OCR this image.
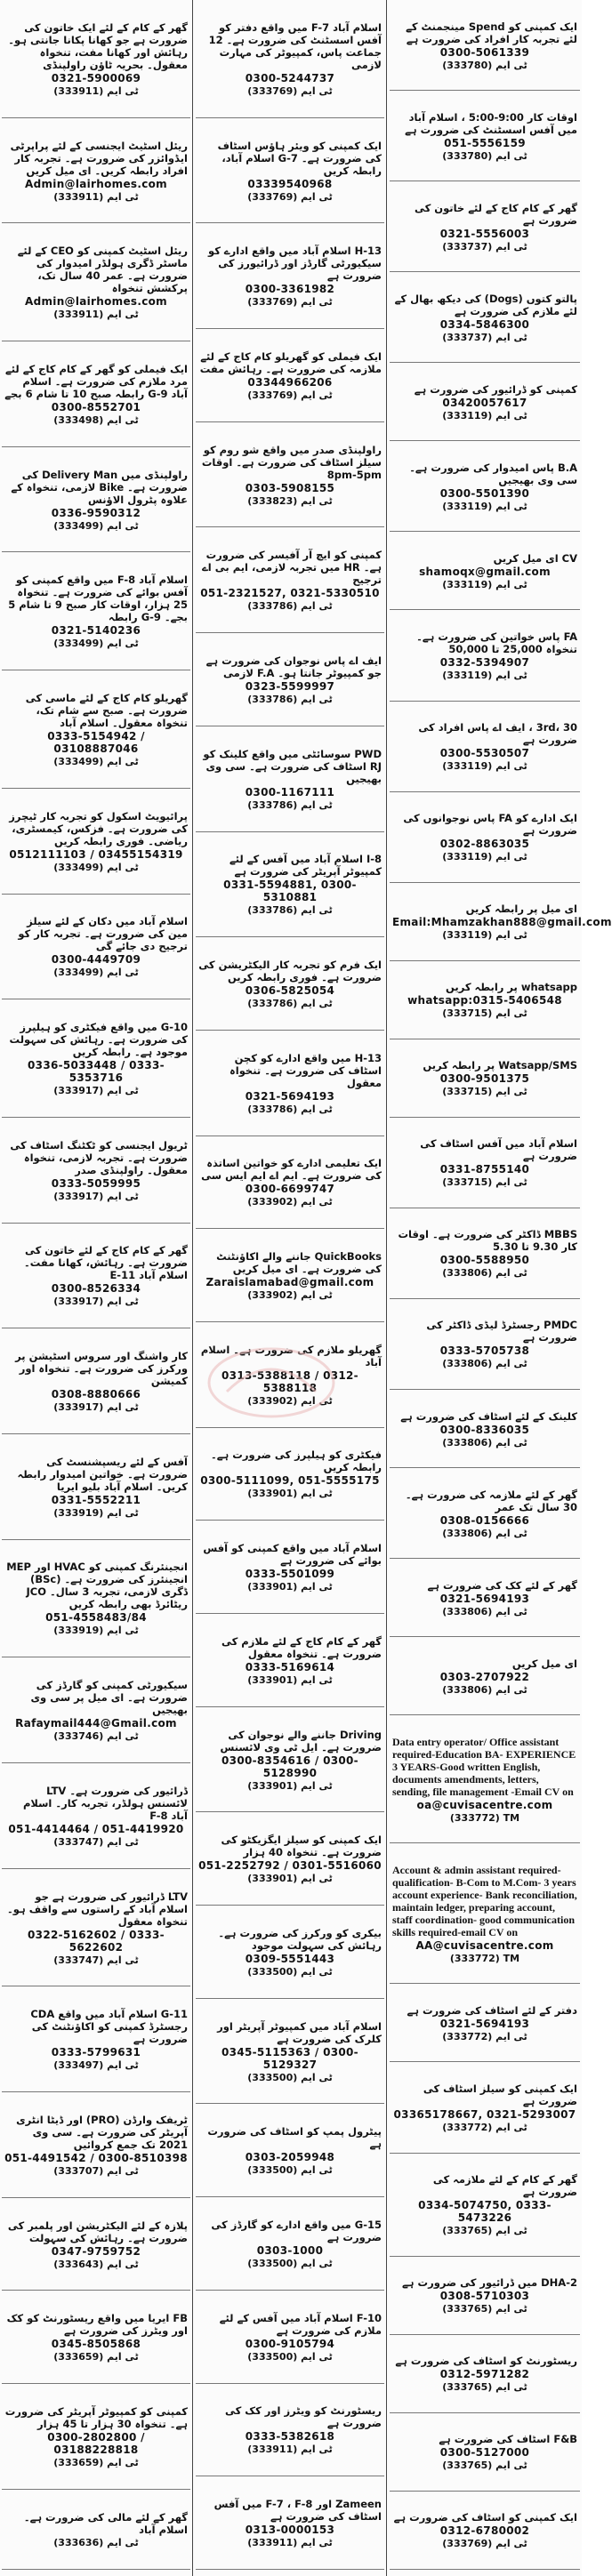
گھر کے کام کے لئے ایک خاتون کی ضرورت ہے جو کھانا پکانا جانتی ہو۔ رہائش اور کھانا مفت، تنخواہ معقول۔ بحریہ ٹاؤن راولپنڈی
0321-5900069
(333911) ٹی ایم
ریئل اسٹیٹ ایجنسی کے لئے پراپرٹی ایڈوائزر کی ضرورت ہے۔ تجربہ کار افراد رابطہ کریں۔ ای میل کریں
Admin@lairhomes.com
(333911) ٹی ایم
ریئل اسٹیٹ کمپنی کو CEO کے لئے ماسٹر ڈگری ہولڈر امیدوار کی ضرورت ہے۔ عمر 40 سال تک، پرکشش تنخواہ
Admin@lairhomes.com
(333911) ٹی ایم
ایک فیملی کو گھر کے کام کاج کے لئے مرد ملازم کی ضرورت ہے۔ اسلام آباد G-9 رابطہ صبح 10 تا شام 6 بجے
0300-8552701
(333498) ٹی ایم
راولپنڈی میں Delivery Man کی ضرورت ہے۔ Bike لازمی، تنخواہ کے علاوہ پٹرول الاؤنس
0336-9590312
(333499) ٹی ایم
اسلام آباد F-8 میں واقع کمپنی کو آفس بوائے کی ضرورت ہے۔ تنخواہ 25 ہزار، اوقات کار صبح 9 تا شام 5 بجے۔ G-9 رابطہ
0321-5140236
(333499) ٹی ایم
گھریلو کام کاج کے لئے ماسی کی ضرورت ہے۔ صبح سے شام تک، تنخواہ معقول۔ اسلام آباد
0333-5154942 / 03108887046
(333499) ٹی ایم
پرائیویٹ اسکول کو تجربہ کار ٹیچرز کی ضرورت ہے۔ فزکس، کیمسٹری، ریاضی۔ فوری رابطہ کریں
0512111103 / 03455154319
(333499) ٹی ایم
اسلام آباد میں دکان کے لئے سیلز مین کی ضرورت ہے۔ تجربہ کار کو ترجیح دی جائے گی
0300-4449709
(333499) ٹی ایم
G-10 میں واقع فیکٹری کو ہیلپرز کی ضرورت ہے۔ رہائش کی سہولت موجود ہے۔ رابطہ کریں
0336-5033448 / 0333-5353716
(333917) ٹی ایم
ٹریول ایجنسی کو ٹکٹنگ اسٹاف کی ضرورت ہے۔ تجربہ لازمی، تنخواہ معقول۔ راولپنڈی صدر
0333-5059995
(333917) ٹی ایم
گھر کے کام کاج کے لئے خاتون کی ضرورت ہے۔ رہائش، کھانا مفت۔ اسلام آباد E-11
0300-8526334
(333917) ٹی ایم
کار واشنگ اور سروس اسٹیشن پر ورکرز کی ضرورت ہے۔ تنخواہ اور کمیشن
0308-8880666
(333917) ٹی ایم
آفس کے لئے ریسپشنسٹ کی ضرورت ہے۔ خواتین امیدوار رابطہ کریں۔ اسلام آباد بلیو ایریا
0331-5552211
(333919) ٹی ایم
انجینئرنگ کمپنی کو HVAC اور MEP انجینئرز کی ضرورت ہے۔ (BSc) ڈگری لازمی، تجربہ 3 سال۔ JCO ریٹائرڈ بھی رابطہ کریں
051-4558483/84
(333919) ٹی ایم
سیکیورٹی کمپنی کو گارڈز کی ضرورت ہے۔ ای میل پر سی وی بھیجیں
Rafaymail444@Gmail.com
(333746) ٹی ایم
ڈرائیور کی ضرورت ہے۔ LTV لائسنس ہولڈر، تجربہ کار۔ اسلام آباد F-8
051-4414464 / 051-4419920
(333747) ٹی ایم
LTV ڈرائیور کی ضرورت ہے جو اسلام آباد کے راستوں سے واقف ہو۔ تنخواہ معقول
0322-5162602 / 0333-5622602
(333747) ٹی ایم
G-11 اسلام آباد میں واقع CDA رجسٹرڈ کمپنی کو اکاؤنٹنٹ کی ضرورت ہے
0333-5799631
(333497) ٹی ایم
ٹریفک وارڈن (PRO) اور ڈیٹا انٹری آپریٹر کی ضرورت ہے۔ سی وی 2021 تک جمع کروائیں
051-4491542 / 0300-8510398
(333707) ٹی ایم
پلازہ کے لئے الیکٹریشن اور پلمبر کی ضرورت ہے۔ رہائش کی سہولت
0347-9759752
(333643) ٹی ایم
FB ایریا میں واقع ریسٹورنٹ کو کک اور ویٹرز کی ضرورت ہے
0345-8505868
(333659) ٹی ایم
کمپنی کو کمپیوٹر آپریٹر کی ضرورت ہے۔ تنخواہ 30 ہزار تا 45 ہزار
0300-2802800 / 03188228818
(333659) ٹی ایم
گھر کے لئے مالی کی ضرورت ہے۔ اسلام آباد
(333636) ٹی ایم
اسلام آباد F-7 میں واقع دفتر کو آفس اسسٹنٹ کی ضرورت ہے۔ 12 جماعت پاس، کمپیوٹر کی مہارت لازمی
0300-5244737
(333769) ٹی ایم
ایک کمپنی کو ویئر ہاؤس اسٹاف کی ضرورت ہے۔ G-7 اسلام آباد، رابطہ کریں
03339540968
(333769) ٹی ایم
H-13 اسلام آباد میں واقع ادارے کو سیکیورٹی گارڈز اور ڈرائیورز کی ضرورت ہے
0300-3361982
(333769) ٹی ایم
ایک فیملی کو گھریلو کام کاج کے لئے ملازمہ کی ضرورت ہے۔ رہائش مفت
03344966206
(333769) ٹی ایم
راولپنڈی صدر میں واقع شو روم کو سیلز اسٹاف کی ضرورت ہے۔ اوقات 8pm-5pm
0303-5908155
(333823) ٹی ایم
کمپنی کو ایچ آر آفیسر کی ضرورت ہے۔ HR میں تجربہ لازمی، ایم بی اے ترجیح
051-2321527, 0321-5330510
(333786) ٹی ایم
ایف اے پاس نوجوان کی ضرورت ہے جو کمپیوٹر جانتا ہو۔ F.A لازمی
0323-5599997
(333786) ٹی ایم
PWD سوسائٹی میں واقع کلینک کو RJ اسٹاف کی ضرورت ہے۔ سی وی بھیجیں
0300-1167111
(333786) ٹی ایم
I-8 اسلام آباد میں آفس کے لئے کمپیوٹر آپریٹر کی ضرورت ہے
0331-5594881, 0300-5310881
(333786) ٹی ایم
ایک فرم کو تجربہ کار الیکٹریشن کی ضرورت ہے۔ فوری رابطہ کریں
0306-5825054
(333786) ٹی ایم
H-13 میں واقع ادارے کو کچن اسٹاف کی ضرورت ہے۔ تنخواہ معقول
0321-5694193
(333786) ٹی ایم
ایک تعلیمی ادارے کو خواتین اساتذہ کی ضرورت ہے۔ ایم اے ایم ایس سی
0300-6699747
(333902) ٹی ایم
QuickBooks جاننے والے اکاؤنٹنٹ کی ضرورت ہے۔ ای میل کریں
Zaraislamabad@gmail.com
(333902) ٹی ایم
گھریلو ملازم کی ضرورت ہے۔ اسلام آباد
0313-5388118 / 0312-5388118
(333902) ٹی ایم
فیکٹری کو ہیلپرز کی ضرورت ہے۔ رابطہ کریں
0300-5111099, 051-5555175
(333901) ٹی ایم
اسلام آباد میں واقع کمپنی کو آفس بوائے کی ضرورت ہے
0333-5501099
(333901) ٹی ایم
گھر کے کام کاج کے لئے ملازم کی ضرورت ہے۔ تنخواہ معقول
0333-5169614
(333901) ٹی ایم
Driving جاننے والے نوجوان کی ضرورت ہے۔ ایل ٹی وی لائسنس
0300-8354616 / 0300-5128990
(333901) ٹی ایم
ایک کمپنی کو سیلز ایگزیکٹو کی ضرورت ہے۔ تنخواہ 40 ہزار
051-2252792 / 0301-5516060
(333901) ٹی ایم
بیکری کو ورکرز کی ضرورت ہے۔ رہائش کی سہولت موجود
0309-5551443
(333500) ٹی ایم
اسلام آباد میں کمپیوٹر آپریٹر اور کلرک کی ضرورت ہے
0345-5115363 / 0300-5129327
(333500) ٹی ایم
پیٹرول پمپ کو اسٹاف کی ضرورت ہے
0303-2059948
(333500) ٹی ایم
G-15 میں واقع ادارے کو گارڈز کی ضرورت ہے
0303-1000
(333500) ٹی ایم
F-10 اسلام آباد میں آفس کے لئے ملازم کی ضرورت ہے
0300-9105794
(333500) ٹی ایم
ریسٹورنٹ کو ویٹرز اور کک کی ضرورت ہے
0333-5382618
(333911) ٹی ایم
Zameen اور F-7 ، F-8 میں آفس اسٹاف کی ضرورت ہے
0313-0000153
(333911) ٹی ایم
ایک کمپنی کو Spend مینجمنٹ کے لئے تجربہ کار افراد کی ضرورت ہے
0300-5061339
(333780) ٹی ایم
اوقات کار 9:00-5:00 ، اسلام آباد میں آفس اسسٹنٹ کی ضرورت ہے
051-5556159
(333780) ٹی ایم
گھر کے کام کاج کے لئے خاتون کی ضرورت ہے
0321-5556003
(333737) ٹی ایم
پالتو کتوں (Dogs) کی دیکھ بھال کے لئے ملازم کی ضرورت ہے
0334-5846300
(333737) ٹی ایم
کمپنی کو ڈرائیور کی ضرورت ہے
03420057617
(333119) ٹی ایم
B.A پاس امیدوار کی ضرورت ہے۔ سی وی بھیجیں
0300-5501390
(333119) ٹی ایم
CV ای میل کریں
shamoqx@gmail.com
(333119) ٹی ایم
FA پاس خواتین کی ضرورت ہے۔ تنخواہ 25,000 تا 50,000
0332-5394907
(333119) ٹی ایم
3rd، 30 ، ایف اے پاس افراد کی ضرورت ہے
0300-5530507
(333119) ٹی ایم
ایک ادارے کو FA پاس نوجوانوں کی ضرورت ہے
0302-8863035
(333119) ٹی ایم
ای میل پر رابطہ کریں
Email:Mhamzakhan888@gmail.com
(333119) ٹی ایم
whatsapp پر رابطہ کریں
whatsapp:0315-5406548
(333715) ٹی ایم
Watsapp/SMS پر رابطہ کریں
0300-9501375
(333715) ٹی ایم
اسلام آباد میں آفس اسٹاف کی ضرورت ہے
0331-8755140
(333715) ٹی ایم
MBBS ڈاکٹر کی ضرورت ہے۔ اوقات کار 9.30 تا 5.30
0300-5588950
(333806) ٹی ایم
PMDC رجسٹرڈ لیڈی ڈاکٹر کی ضرورت ہے
0333-5705738
(333806) ٹی ایم
کلینک کے لئے اسٹاف کی ضرورت ہے
0300-8336035
(333806) ٹی ایم
گھر کے لئے ملازمہ کی ضرورت ہے۔ 30 سال تک عمر
0308-0156666
(333806) ٹی ایم
گھر کے لئے کک کی ضرورت ہے
0321-5694193
(333806) ٹی ایم
ای میل کریں
0303-2707922
(333806) ٹی ایم
Data entry operator/ Office assistant required-Education BA- EXPERIENCE 3 YEARS-Good written English, documents amendments, letters, sending, file management -Email CV on
oa@cuvisacentre.com
(333772) TM
Account & admin assistant required-qualification- B-Com to M.Com- 3 years account experience- Bank reconciliation, maintain ledger, preparing account, staff coordination- good communication skills required-email CV on
AA@cuvisacentre.com
(333772) TM
دفتر کے لئے اسٹاف کی ضرورت ہے
0321-5694193
(333772) ٹی ایم
ایک کمپنی کو سیلز اسٹاف کی ضرورت ہے
03365178667, 0321-5293007
(333772) ٹی ایم
گھر کے کام کے لئے ملازمہ کی ضرورت ہے
0334-5074750, 0333-5473226
(333765) ٹی ایم
DHA-2 میں ڈرائیور کی ضرورت ہے
0308-5710303
(333765) ٹی ایم
ریسٹورنٹ کو اسٹاف کی ضرورت ہے
0312-5971282
(333765) ٹی ایم
F&B اسٹاف کی ضرورت ہے
0300-5127000
(333765) ٹی ایم
ایک کمپنی کو اسٹاف کی ضرورت ہے
0312-6780002
(333769) ٹی ایم
